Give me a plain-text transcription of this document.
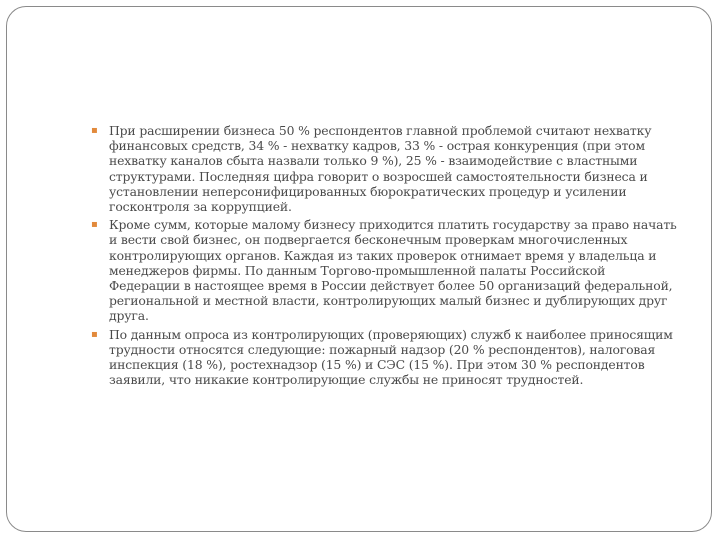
▪ При расширении бизнеса 50 % респондентов главной проблемой считают нехватку финансовых средств, 34 % - нехватку кадров, 33 % - острая конкуренция (при этом нехватку каналов сбыта назвали только 9 %), 25 % - взаимодействие с властными структурами. Последняя цифра говорит о возросшей самостоятельности бизнеса и установлении неперсонифицированных бюрократических процедур и усилении госконтроля за коррупцией.
▪ Кроме сумм, которые малому бизнесу приходится платить государству за право начать и вести свой бизнес, он подвергается бесконечным проверкам многочисленных контролирующих органов. Каждая из таких проверок отнимает время у владельца и менеджеров фирмы. По данным Торгово-промышленной палаты Российской Федерации в настоящее время в России действует более 50 организаций федеральной, региональной и местной власти, контролирующих малый бизнес и дублирующих друг друга.
▪ По данным опроса из контролирующих (проверяющих) служб к наиболее приносящим трудности относятся следующие: пожарный надзор (20 % респондентов), налоговая инспекция (18 %), ростехнадзор (15 %) и СЭС (15 %). При этом 30 % респондентов заявили, что никакие контролирующие службы не приносят трудностей.
